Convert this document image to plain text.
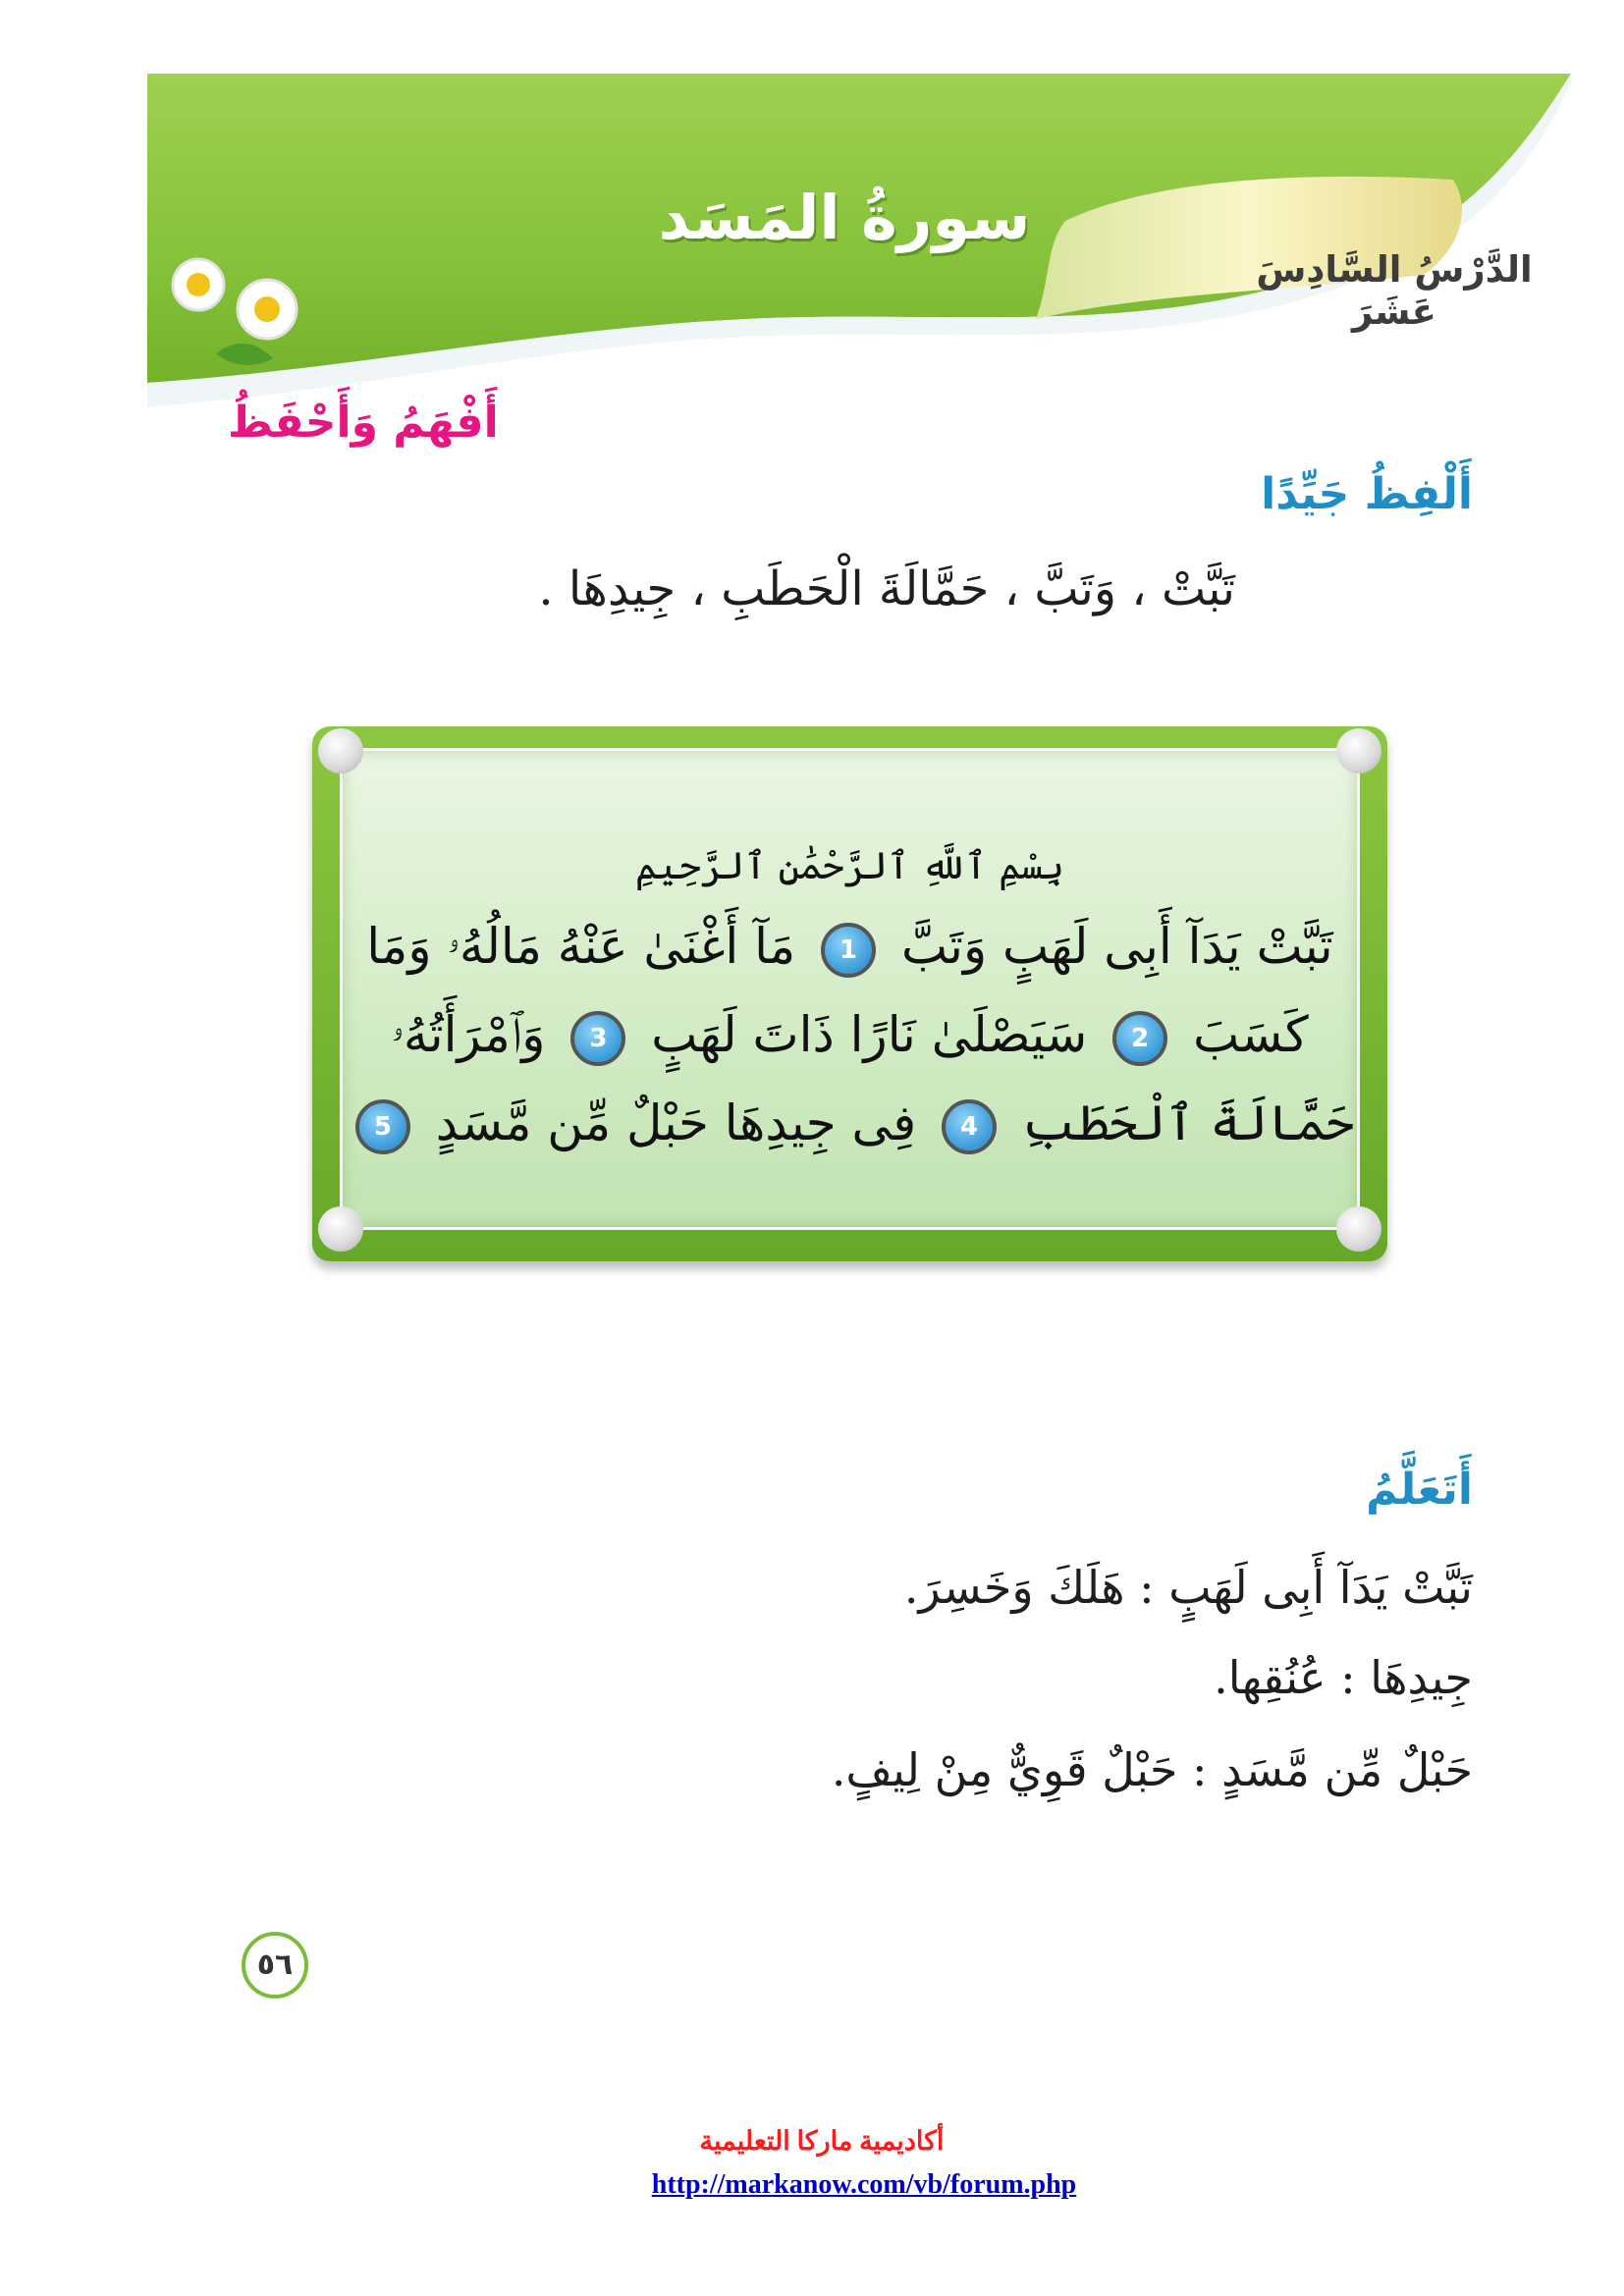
سورةُ المَسَد
الدَّرْسُ السَّادِسَ عَشَرَ
أَفْهَمُ وَأَحْفَظُ
أَلْفِظُ جَيِّدًا
تَبَّتْ ، وَتَبَّ ، حَمَّالَةَ الْحَطَبِ ، جِيدِهَا .
بِسْمِ ٱللَّهِ ٱلرَّحْمَٰنِ ٱلرَّحِيمِ
تَبَّتْ يَدَآ أَبِى لَهَبٍ وَتَبَّ 1 مَآ أَغْنَىٰ عَنْهُ مَالُهُۥ وَمَا
كَسَبَ 2 سَيَصْلَىٰ نَارًا ذَاتَ لَهَبٍ 3 وَٱمْرَأَتُهُۥ
حَمَّالَةَ ٱلْحَطَبِ 4 فِى جِيدِهَا حَبْلٌ مِّن مَّسَدٍ 5
أَتَعَلَّمُ
تَبَّتْ يَدَآ أَبِى لَهَبٍ : هَلَكَ وَخَسِرَ.
جِيدِهَا : عُنُقِها.
حَبْلٌ مِّن مَّسَدٍ : حَبْلٌ قَوِيٌّ مِنْ لِيفٍ.
٥٦
أكاديمية ماركا التعليمية
http://markanow.com/vb/forum.php
